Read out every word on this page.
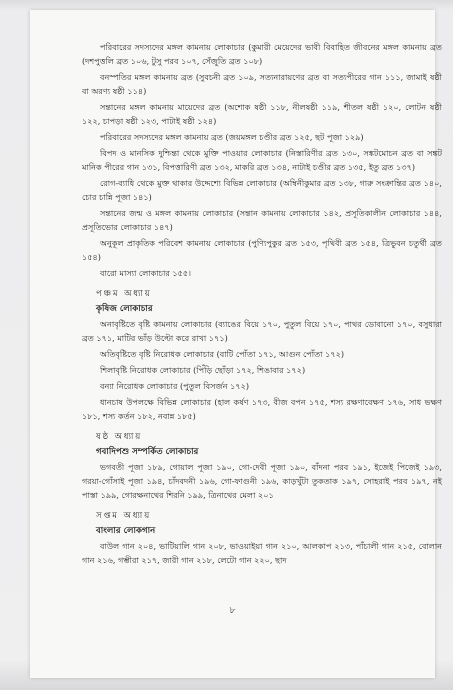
পরিবারের সদস্যদের মঙ্গল কামনায় লোকাচার (কুমারী মেয়েদের ভাবী বিবাহিত জীবনের মঙ্গল কামনায় ব্রত (দশপুত্তলি ব্রত ১০৬, টুসু পরব ১০৭, সেঁজুতি ব্রত ১০৮)

বনস্পতির মঙ্গল কামনায় ব্রত (সুবচনী ব্রত ১০৯, সত্যনারায়ণের ব্রত বা সত্যপীরের গান ১১১, জামাই ষষ্ঠী বা অরণ্য ষষ্ঠী ১১৪)

সন্তানের মঙ্গল কামনায় মায়েদের ব্রত (অশোক ষষ্ঠী ১১৮, নীলষষ্ঠী ১১৯, শীতল ষষ্ঠী ১২০, লোটন ষষ্ঠী ১২২, চাপড়া ষষ্ঠী ১২৩, পাটাই ষষ্ঠী ১২৪)

পরিবারের সদস্যদের মঙ্গল কামনায় ব্রত (জয়মঙ্গল চণ্ডীর ব্রত ১২৫, ছট পূজা ১২৯)

বিপদ ও মানসিক দুশ্চিন্তা থেকে মুক্তি পাওয়ার লোকাচার (নিস্তারিণীর ব্রত ১৩০, সঙ্কটমোচন ব্রত বা সঙ্কট মানিক পীরের গান ১৩১, বিপত্তারিণী ব্রত ১৩২, মাকরি ব্রত ১৩৪, নাটাই চণ্ডীর ব্রত ১৩৫, ইতু ব্রত ১৩৭)

রোগ-ব্যাধি থেকে মুক্ত থাকার উদ্দেশ্যে বিভিন্ন লোকাচার (অম্বিনীকুমার ব্রত ১৩৮, গারু সংক্রান্তির ব্রত ১৪০, চোর চান্নি পূজা ১৪১)

সন্তানের জন্ম ও মঙ্গল কামনায় লোকাচার (সন্তান কামনায় লোকাচার ১৪২, প্রসূতিকালীন লোকাচার ১৪৪, প্রসূতিভোর লোকাচার ১৪৭)

অনুকূল প্রাকৃতিক পরিবেশ কামনায় লোকাচার (পুণ্যিপুকুর ব্রত ১৫৩, পৃথিবী ব্রত ১৫৪, ত্রিভুবন চতুর্থী ব্রত ১৫৪)

বারো মাস্যা লোকাচার ১৫৫।

পঞ্চম অধ্যায়
কৃষিজ লোকাচার

অনাবৃষ্টিতে বৃষ্টি কামনায় লোকাচার (ব্যাঙের বিয়ে ১৭০, পুতুল বিয়ে ১৭০, পাথর ডোবানো ১৭০, বসুধারা ব্রত ১৭১, মাটির ভাঁড় উল্টো করে রাখা ১৭১)

অতিবৃষ্টিতে বৃষ্টি নিরোধক লোকাচার (বাটি পোঁতা ১৭১, আগুন পোঁতা ১৭২)

শিলাবৃষ্টি নিরোধক লোকাচার (পিঁড়ি ছোঁড়া ১৭২, শিঙাবার ১৭২)

বন্যা নিরোধক লোকাচার (পুতুল বিসর্জন ১৭২)

ধানচাষ উপলক্ষে বিভিন্ন লোকাচার (হাল কর্ষণ ১৭৩, বীজ বপন ১৭৫, শস্য রক্ষণাবেক্ষণ ১৭৬, সাধ ভক্ষণ ১৮১, শস্য কর্তন ১৮২, নবান্ন ১৮৫)

ষষ্ঠ অধ্যায়
গবাদিপশু সম্পর্কিত লোকাচার

ভগবতী পূজা ১৮৯, গোয়াল পূজা ১৯০, গো-দেবী পূজা ১৯০, বাঁদনা পরব ১৯১, ইজেই পিজেই ১৯৩, গরয়া-গোঁসাই পূজা ১৯৪, চাঁদবদনী ১৯৬, গো-ফাগুনী ১৯৬, কাড়খুঁটা তুকতাক ১৯৭, সোহরাই পরব ১৯৭, নই পাস্তা ১৯৯, গোরক্ষনাথের শিরনি ১৯৯, ত্রিনাথের মেলা ২০১

সপ্তম অধ্যায়
বাংলার লোকগান

বাউল গান ২০৪, ভাটিয়ালি গান ২০৮, ভাওয়াইয়া গান ২১০, আলকাপ ২১৩, পাঁচালী গান ২১৫, বোলান গান ২১৬, গম্ভীরা ২১৭, জারী গান ২১৮, লেটো গান ২২০, ছাদ

৮
